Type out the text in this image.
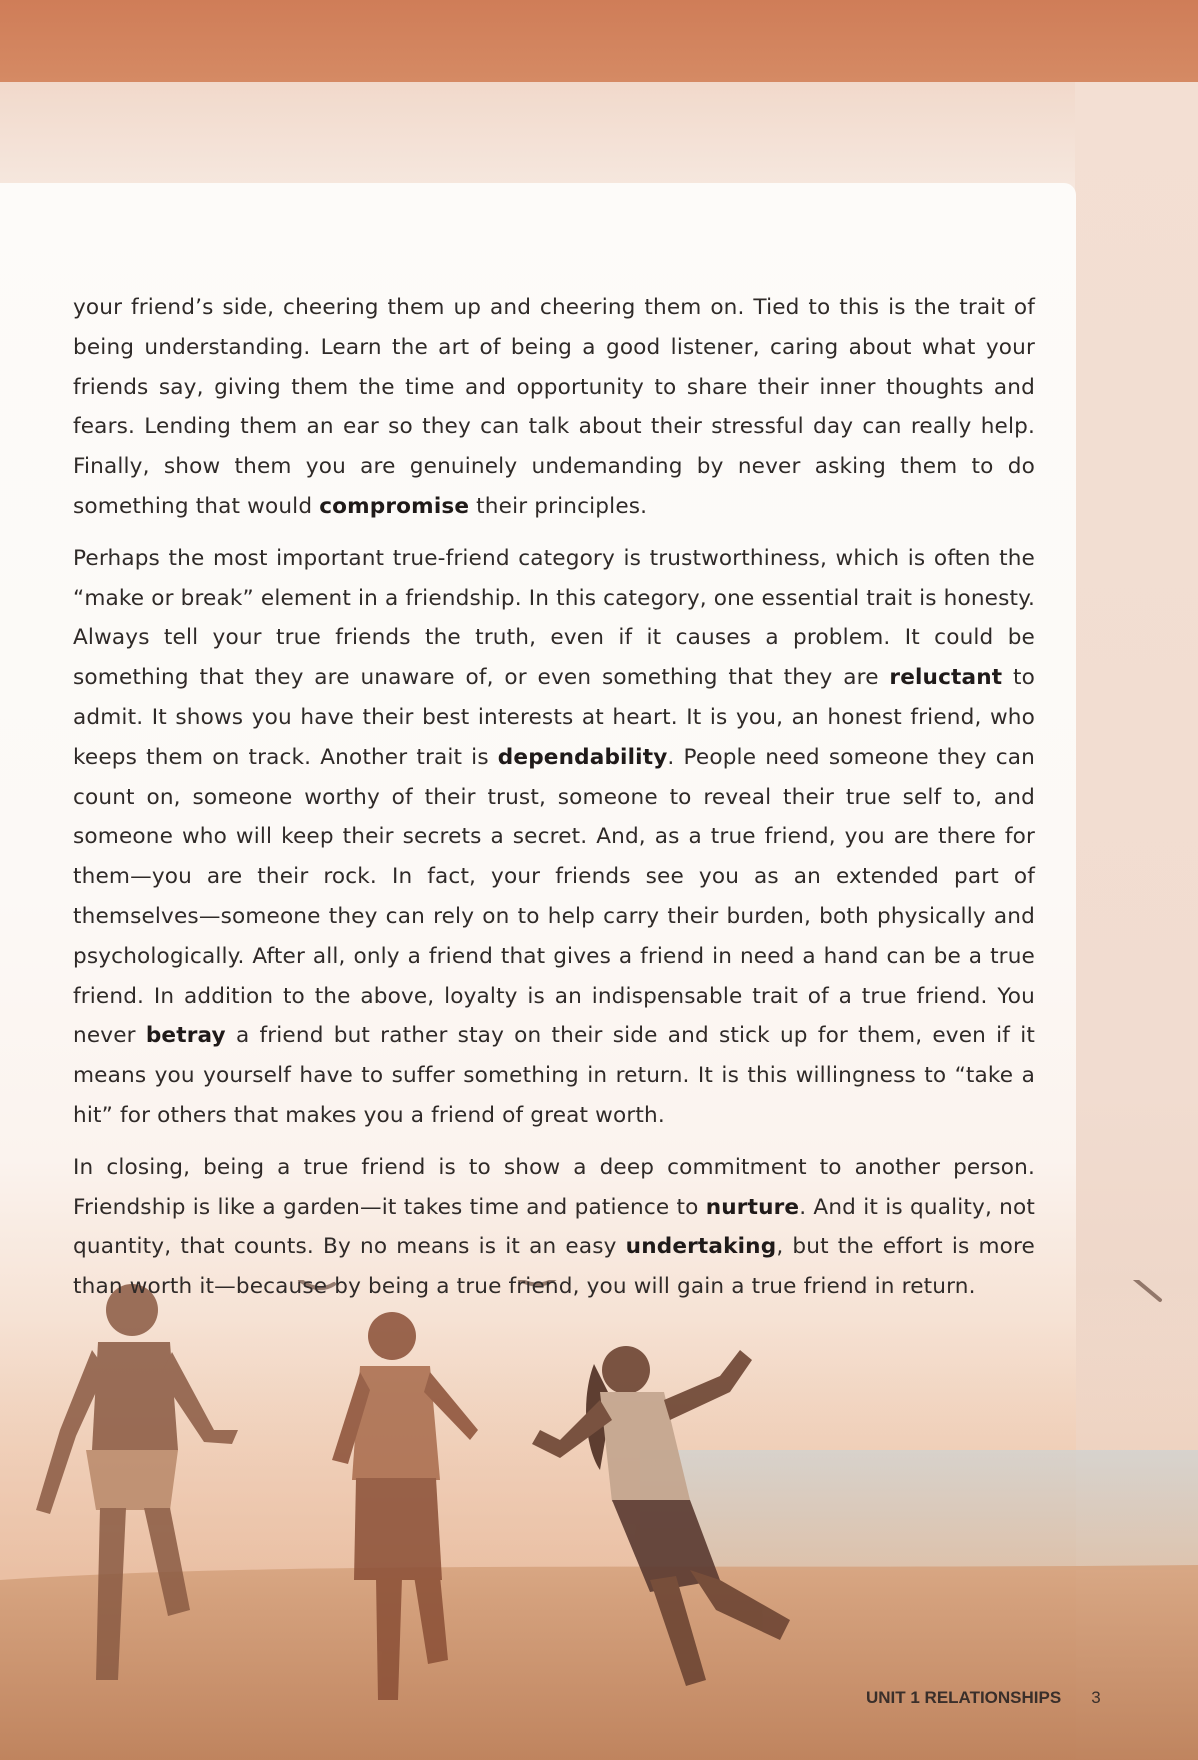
your friend’s side, cheering them up and cheering them on. Tied to this is the trait of being understanding. Learn the art of being a good listener, caring about what your friends say, giving them the time and opportunity to share their inner thoughts and fears. Lending them an ear so they can talk about their stressful day can really help. Finally, show them you are genuinely undemanding by never asking them to do something that would compromise their principles.

Perhaps the most important true-friend category is trustworthiness, which is often the “make or break” element in a friendship. In this category, one essential trait is honesty. Always tell your true friends the truth, even if it causes a problem. It could be something that they are unaware of, or even something that they are reluctant to admit. It shows you have their best interests at heart. It is you, an honest friend, who keeps them on track. Another trait is dependability. People need someone they can count on, someone worthy of their trust, someone to reveal their true self to, and someone who will keep their secrets a secret. And, as a true friend, you are there for them—you are their rock. In fact, your friends see you as an extended part of themselves—someone they can rely on to help carry their burden, both physically and psychologically. After all, only a friend that gives a friend in need a hand can be a true friend. In addition to the above, loyalty is an indispensable trait of a true friend. You never betray a friend but rather stay on their side and stick up for them, even if it means you yourself have to suffer something in return. It is this willingness to “take a hit” for others that makes you a friend of great worth.

In closing, being a true friend is to show a deep commitment to another person. Friendship is like a garden—it takes time and patience to nurture. And it is quality, not quantity, that counts. By no means is it an easy undertaking, but the effort is more than worth it—because by being a true friend, you will gain a true friend in return.

UNIT 1 RELATIONSHIPS 3
